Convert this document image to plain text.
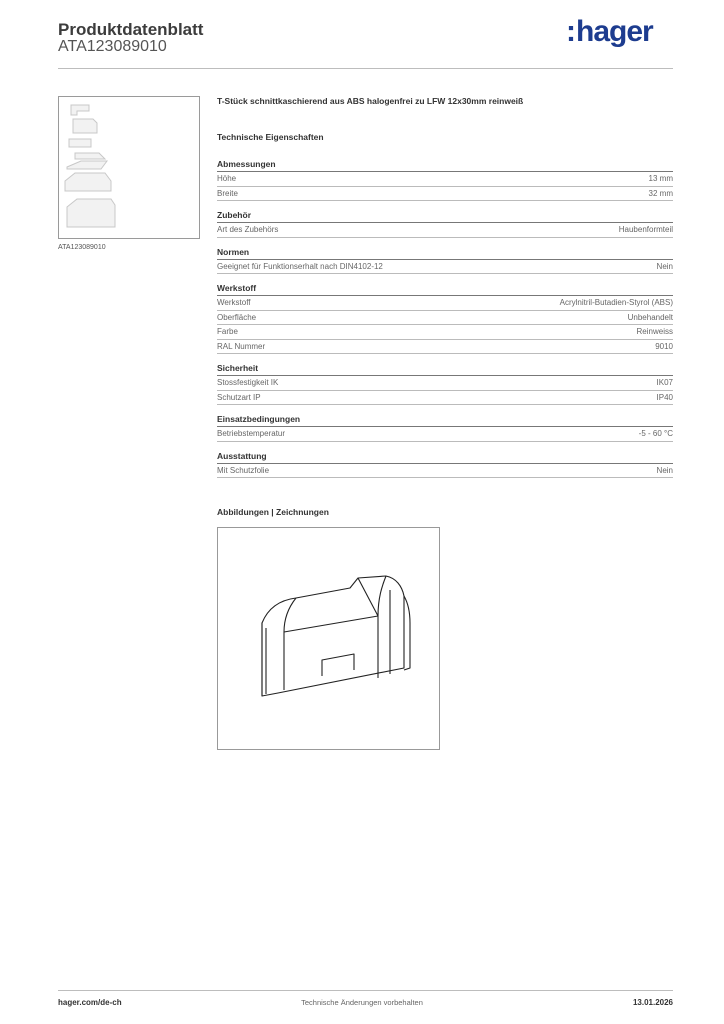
Produktdatenblatt
ATA123089010	:hager
ATA123089010
T-Stück schnittkaschierend aus ABS halogenfrei zu LFW 12x30mm reinweiß
Technische Eigenschaften
Abmessungen
Höhe	13 mm
Breite	32 mm
Zubehör
Art des Zubehörs	Haubenformteil
Normen
Geeignet für Funktionserhalt nach DIN4102-12	Nein
Werkstoff
Werkstoff	Acrylnitril-Butadien-Styrol (ABS)
Oberfläche	Unbehandelt
Farbe	Reinweiss
RAL Nummer	9010
Sicherheit
Stossfestigkeit IK	IK07
Schutzart IP	IP40
Einsatzbedingungen
Betriebstemperatur	-5 - 60 °C
Ausstattung
Mit Schutzfolie	Nein
Abbildungen | Zeichnungen
hager.com/de-ch	Technische Änderungen vorbehalten	13.01.2026
